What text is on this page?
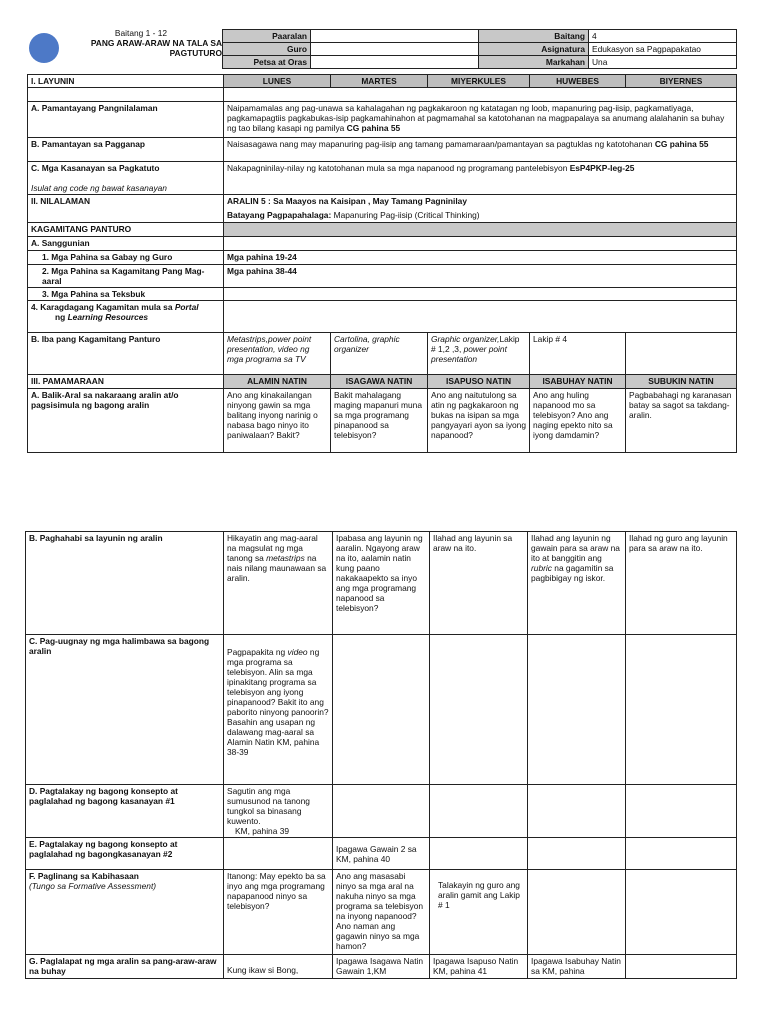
Baitang 1 - 12
PANG ARAW-ARAW NA TALA SA
PAGTUTURO
Paaralan		Baitang	4
Guro		Asignatura	Edukasyon sa Pagpapakatao
Petsa at Oras		Markahan	Una
I. LAYUNIN	LUNES	MARTES	MIYERKULES	HUWEBES	BIYERNES

A. Pamantayang Pangnilalaman	Naipamamalas ang pag-unawa sa kahalagahan ng pagkakaroon ng katatagan ng loob, mapanuring pag-iisip, pagkamatiyaga, pagkamapagtiis pagkabukas-isip pagkamahinahon at pagmamahal sa katotohanan na magpapalaya sa anumang alalahanin sa buhay ng tao bilang kasapi ng pamilya CG pahina 55				
B. Pamantayan sa Pagganap	Naisasagawa nang may mapanuring pag-iisip ang tamang pamamaraan/pamantayan sa pagtuklas ng katotohanan CG pahina 55				
C. Mga Kasanayan sa Pagkatuto

Isulat ang code ng bawat kasanayan	Nakapagninilay-nilay ng katotohanan mula sa mga napanood ng programang pantelebisyon EsP4PKP-Ieg-25				
II. NILALAMAN	ARALIN 5 : Sa Maayos na Kaisipan , May Tamang Pagninilay
Batayang Pagpapahalaga: Mapanuring Pag-iisip (Critical Thinking)				
KAGAMITANG PANTURO					
A. Sanggunian					
1. Mga Pahina sa Gabay ng Guro	Mga pahina 19-24				
2. Mga Pahina sa Kagamitang Pang Mag-aaral	Mga pahina 38-44				
3. Mga Pahina sa Teksbuk					
4. Karagdagang Kagamitan mula sa Portal
ng Learning Resources					
B. Iba pang Kagamitang Panturo	Metastrips,power point presentation, video ng mga programa sa TV	Cartolina, graphic organizer	Graphic organizer,Lakip # 1,2 ,3, power point presentation	Lakip # 4	
III. PAMAMARAAN	ALAMIN NATIN	ISAGAWA NATIN	ISAPUSO NATIN	ISABUHAY NATIN	SUBUKIN NATIN
A. Balik-Aral sa nakaraang aralin at/o pagsisimula ng bagong aralin	Ano ang kinakailangan ninyong gawin sa mga balitang inyong narinig o nabasa bago ninyo ito paniwalaan? Bakit?	Bakit mahalagang maging mapanuri muna sa mga programang pinapanood sa telebisyon?	Ano ang naitutulong sa atin ng pagkakaroon ng bukas na isipan sa mga pangyayari ayon sa iyong napanood?	Ano ang huling napanood mo sa telebisyon? Ano ang naging epekto nito sa iyong damdamin?	Pagbabahagi ng karanasan batay sa sagot sa takdang-aralin.
B. Paghahabi sa layunin ng aralin	Hikayatin ang mag-aaral na magsulat ng mga tanong sa metastrips na nais nilang maunawaan sa aralin.	Ipabasa ang layunin ng aaralin. Ngayong araw na ito, aalamin natin kung paano nakakaapekto sa inyo ang mga programang napanood sa telebisyon?	Ilahad ang layunin sa araw na ito.	Ilahad ang layunin ng gawain para sa araw na ito at banggitin ang rubric na gagamitin sa pagbibigay ng iskor.	Ilahad ng guro ang layunin para sa araw na ito.
C. Pag-uugnay ng mga halimbawa sa bagong aralin	Pagpapakita ng video ng mga programa sa telebisyon. Alin sa mga ipinakitang programa sa telebisyon ang iyong pinapanood? Bakit ito ang paborito ninyong panoorin?
Basahin ang usapan ng dalawang mag-aaral sa Alamin Natin KM, pahina 38-39				
D. Pagtalakay ng bagong konsepto at paglalahad ng bagong kasanayan #1	Sagutin ang mga sumusunod na tanong tungkol sa binasang kuwento.
KM, pahina 39				
E. Pagtalakay ng bagong konsepto at paglalahad ng bagongkasanayan #2		Ipagawa Gawain 2 sa KM, pahina 40			
F. Paglinang sa Kabihasaan
(Tungo sa Formative Assessment)	Itanong: May epekto ba sa inyo ang mga programang napapanood ninyo sa telebisyon?	Ano ang masasabi ninyo sa mga aral na nakuha ninyo sa mga programa sa telebisyon na inyong napanood? Ano naman ang gagawin ninyo sa mga hamon?	Talakayin ng guro ang aralin gamit ang Lakip # 1		
G. Paglalapat ng mga aralin sa pang-araw-araw na buhay	Kung ikaw si Bong,	Ipagawa Isagawa Natin Gawain 1,KM	Ipagawa Isapuso Natin KM, pahina 41	Ipagawa Isabuhay Natin sa KM, pahina	
